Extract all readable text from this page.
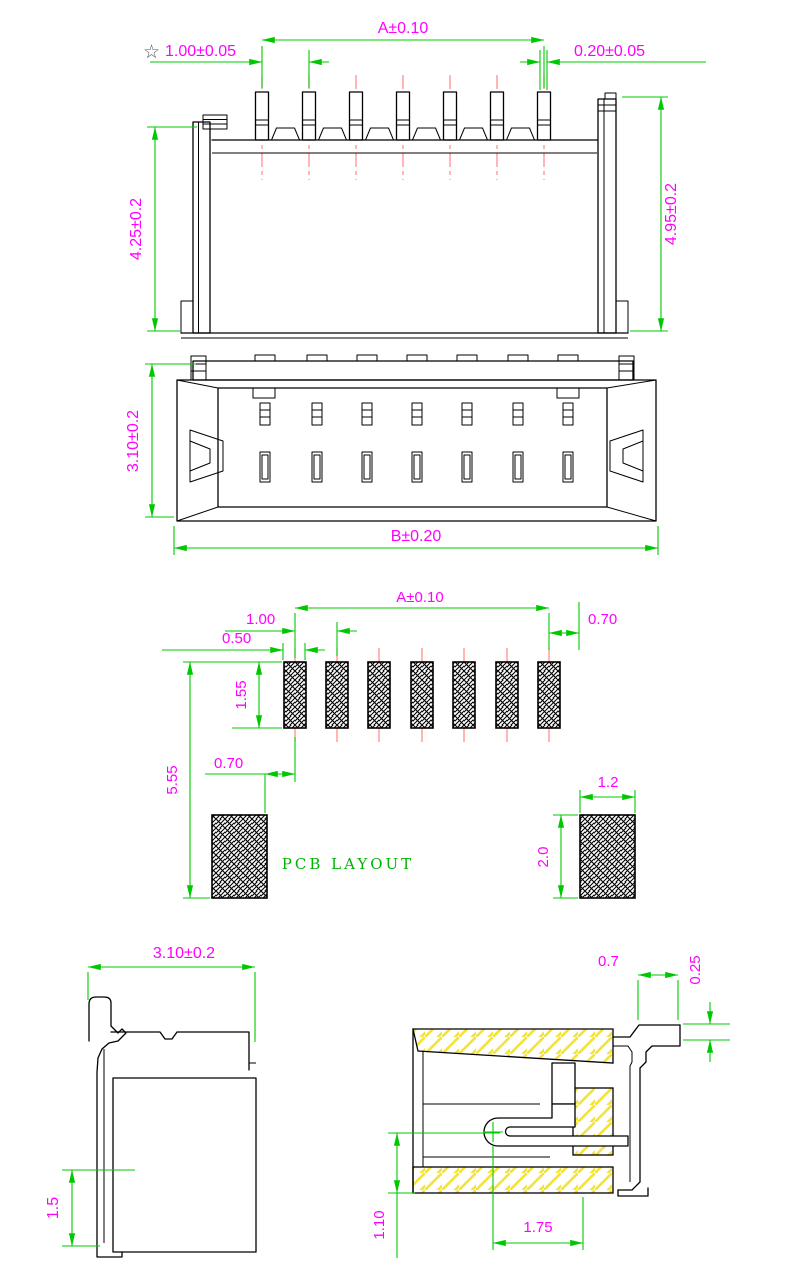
A±0.10
☆ 1.00±0.05	0.20±0.05
4.25±0.2	4.95±0.2
3.10±0.2
B±0.20
PCB LAYOUT
A±0.10
1.00
0.50
0.70
1.55
5.55
0.70
1.2
2.0
3.10±0.2
1.5
0.7	0.25
1.10	1.75
